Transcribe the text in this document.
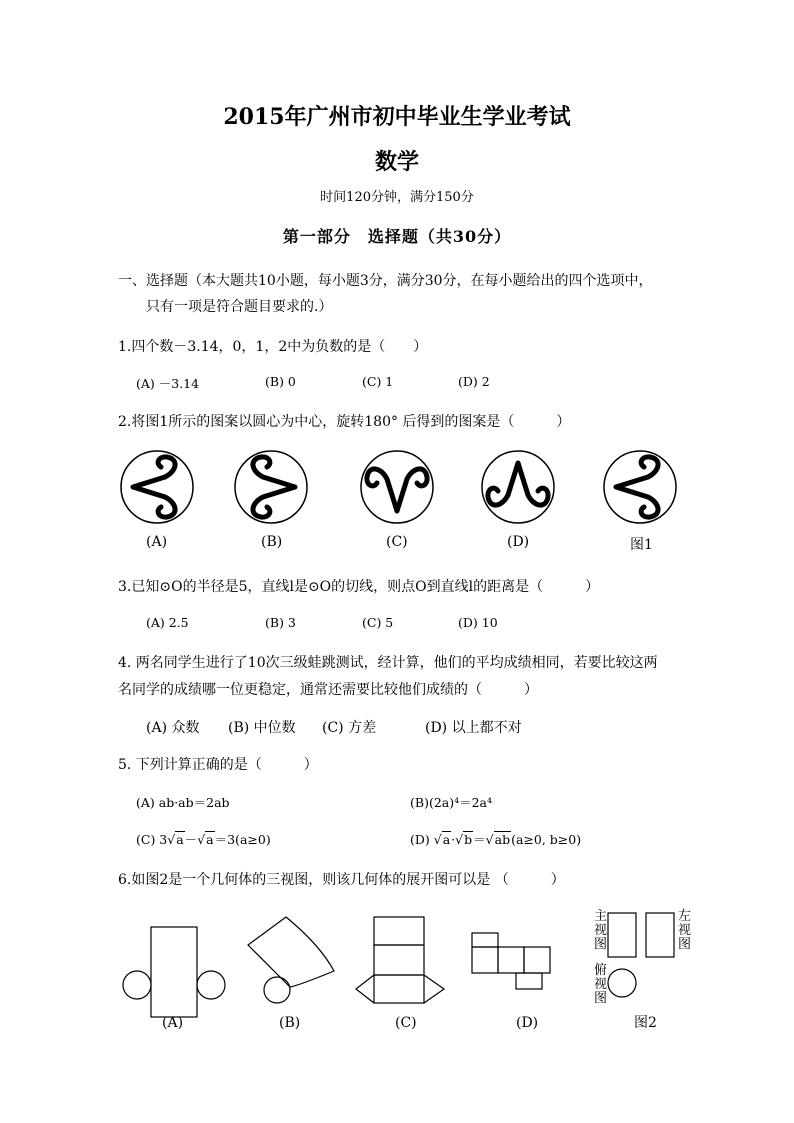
2015年广州市初中毕业生学业考试
数学
时间120分钟，满分150分
第一部分　选择题（共30分）
一、选择题（本大题共10小题，每小题3分，满分30分，在每小题给出的四个选项中，
只有一项是符合题目要求的.）
1.四个数－3.14，0，1，2中为负数的是（　　）
(A) －3.14	(B) 0	(C) 1	(D) 2
2.将图1所示的图案以圆心为中心，旋转180° 后得到的图案是（　　　）
(A)	(B)	(C)	(D)	图1
3.已知⊙O的半径是5，直线l是⊙O的切线，则点O到直线l的距离是（　　　）
(A) 2.5	(B) 3	(C) 5	(D) 10
4. 两名同学生进行了10次三级蛙跳测试，经计算，他们的平均成绩相同，若要比较这两
名同学的成绩哪一位更稳定，通常还需要比较他们成绩的（　　　）
(A) 众数 (B) 中位数 (C) 方差	(D) 以上都不对
5. 下列计算正确的是（　　　）
(A) ab·ab＝2ab	(B)(2a)⁴＝2a⁴
(C) 3√a－√a＝3(a≥0)	(D) √a·√b＝√ab(a≥0, b≥0)
6.如图2是一个几何体的三视图，则该几何体的展开图可以是 （　　　）
主视图
左视图
俯视图
(A)	(B)	(C)	(D)	图2
